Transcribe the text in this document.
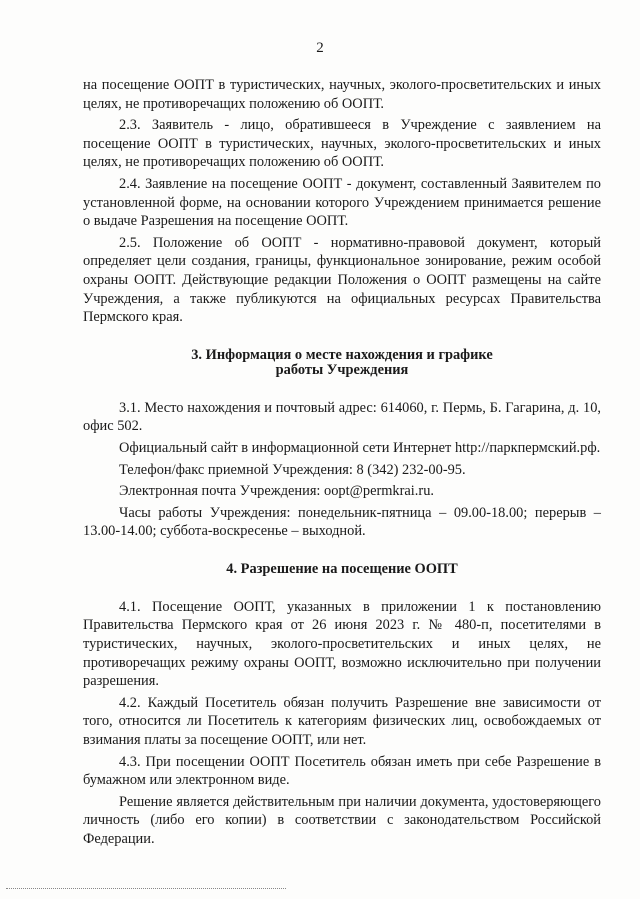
2

на посещение ООПТ в туристических, научных, эколого-просветительских и иных целях, не противоречащих положению об ООПТ.

2.3. Заявитель - лицо, обратившееся в Учреждение с заявлением на посещение ООПТ в туристических, научных, эколого-просветительских и иных целях, не противоречащих положению об ООПТ.

2.4. Заявление на посещение ООПТ - документ, составленный Заявителем по установленной форме, на основании которого Учреждением принимается решение о выдаче Разрешения на посещение ООПТ.

2.5. Положение об ООПТ - нормативно-правовой документ, который определяет цели создания, границы, функциональное зонирование, режим особой охраны ООПТ. Действующие редакции Положения о ООПТ размещены на сайте Учреждения, а также публикуются на официальных ресурсах Правительства Пермского края.

3. Информация о месте нахождения и графике
работы Учреждения

3.1. Место нахождения и почтовый адрес: 614060, г. Пермь, Б. Гагарина, д. 10, офис 502.

Официальный сайт в информационной сети Интернет http://паркпермский.рф.

Телефон/факс приемной Учреждения: 8 (342) 232-00-95.

Электронная почта Учреждения: oopt@permkrai.ru.

Часы работы Учреждения: понедельник-пятница – 09.00-18.00; перерыв – 13.00-14.00; суббота-воскресенье – выходной.

4. Разрешение на посещение ООПТ

4.1. Посещение ООПТ, указанных в приложении 1 к постановлению Правительства Пермского края от 26 июня 2023 г. № 480-п, посетителями в туристических, научных, эколого-просветительских и иных целях, не противоречащих режиму охраны ООПТ, возможно исключительно при получении разрешения.

4.2. Каждый Посетитель обязан получить Разрешение вне зависимости от того, относится ли Посетитель к категориям физических лиц, освобождаемых от взимания платы за посещение ООПТ, или нет.

4.3. При посещении ООПТ Посетитель обязан иметь при себе Разрешение в бумажном или электронном виде.

Решение является действительным при наличии документа, удостоверяющего личность (либо его копии) в соответствии с законодательством Российской Федерации.
